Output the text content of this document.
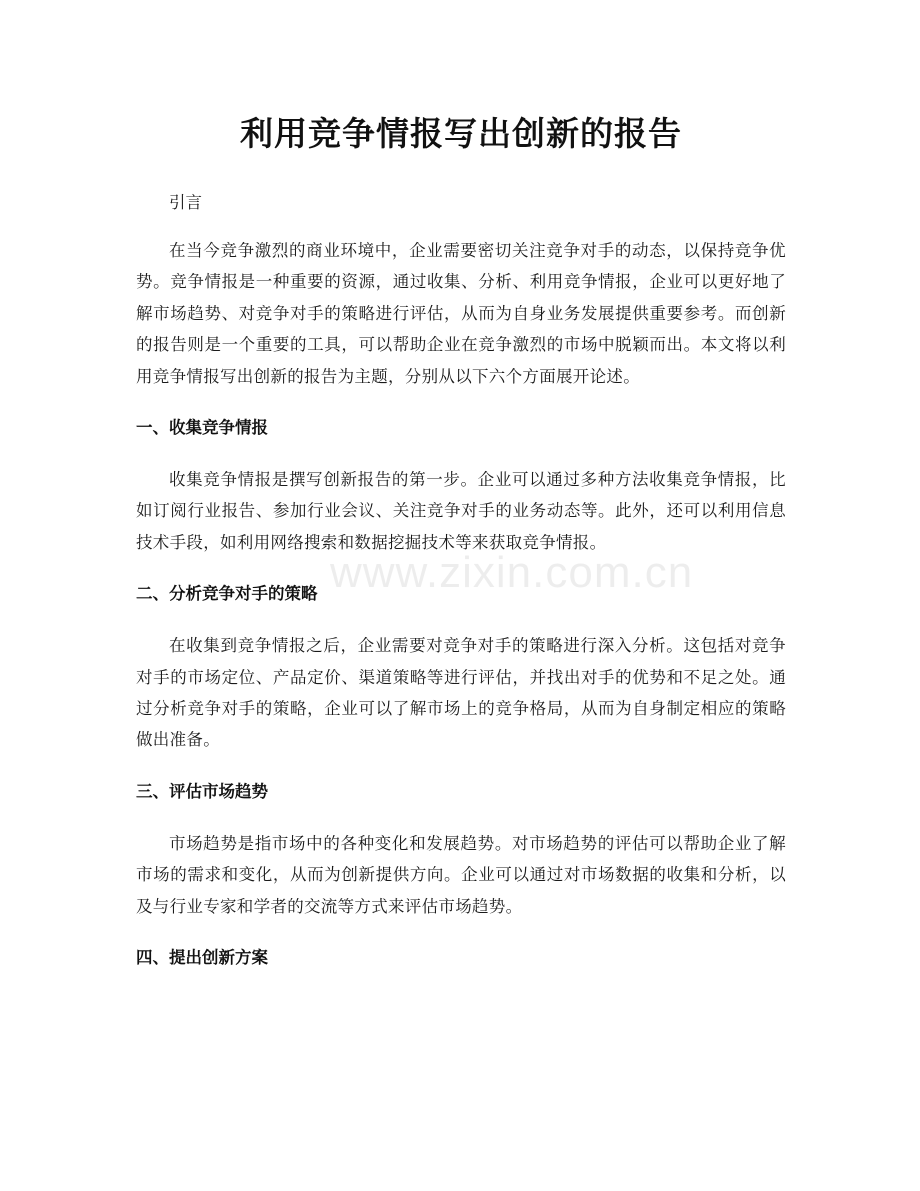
www.zixin.com.cn
利用竞争情报写出创新的报告

引言

在当今竞争激烈的商业环境中，企业需要密切关注竞争对手的动态，以保持竞争优势。竞争情报是一种重要的资源，通过收集、分析、利用竞争情报，企业可以更好地了解市场趋势、对竞争对手的策略进行评估，从而为自身业务发展提供重要参考。而创新的报告则是一个重要的工具，可以帮助企业在竞争激烈的市场中脱颖而出。本文将以利用竞争情报写出创新的报告为主题，分别从以下六个方面展开论述。

一、收集竞争情报

收集竞争情报是撰写创新报告的第一步。企业可以通过多种方法收集竞争情报，比如订阅行业报告、参加行业会议、关注竞争对手的业务动态等。此外，还可以利用信息技术手段，如利用网络搜索和数据挖掘技术等来获取竞争情报。

二、分析竞争对手的策略

在收集到竞争情报之后，企业需要对竞争对手的策略进行深入分析。这包括对竞争对手的市场定位、产品定价、渠道策略等进行评估，并找出对手的优势和不足之处。通过分析竞争对手的策略，企业可以了解市场上的竞争格局，从而为自身制定相应的策略做出准备。

三、评估市场趋势

市场趋势是指市场中的各种变化和发展趋势。对市场趋势的评估可以帮助企业了解市场的需求和变化，从而为创新提供方向。企业可以通过对市场数据的收集和分析，以及与行业专家和学者的交流等方式来评估市场趋势。

四、提出创新方案
